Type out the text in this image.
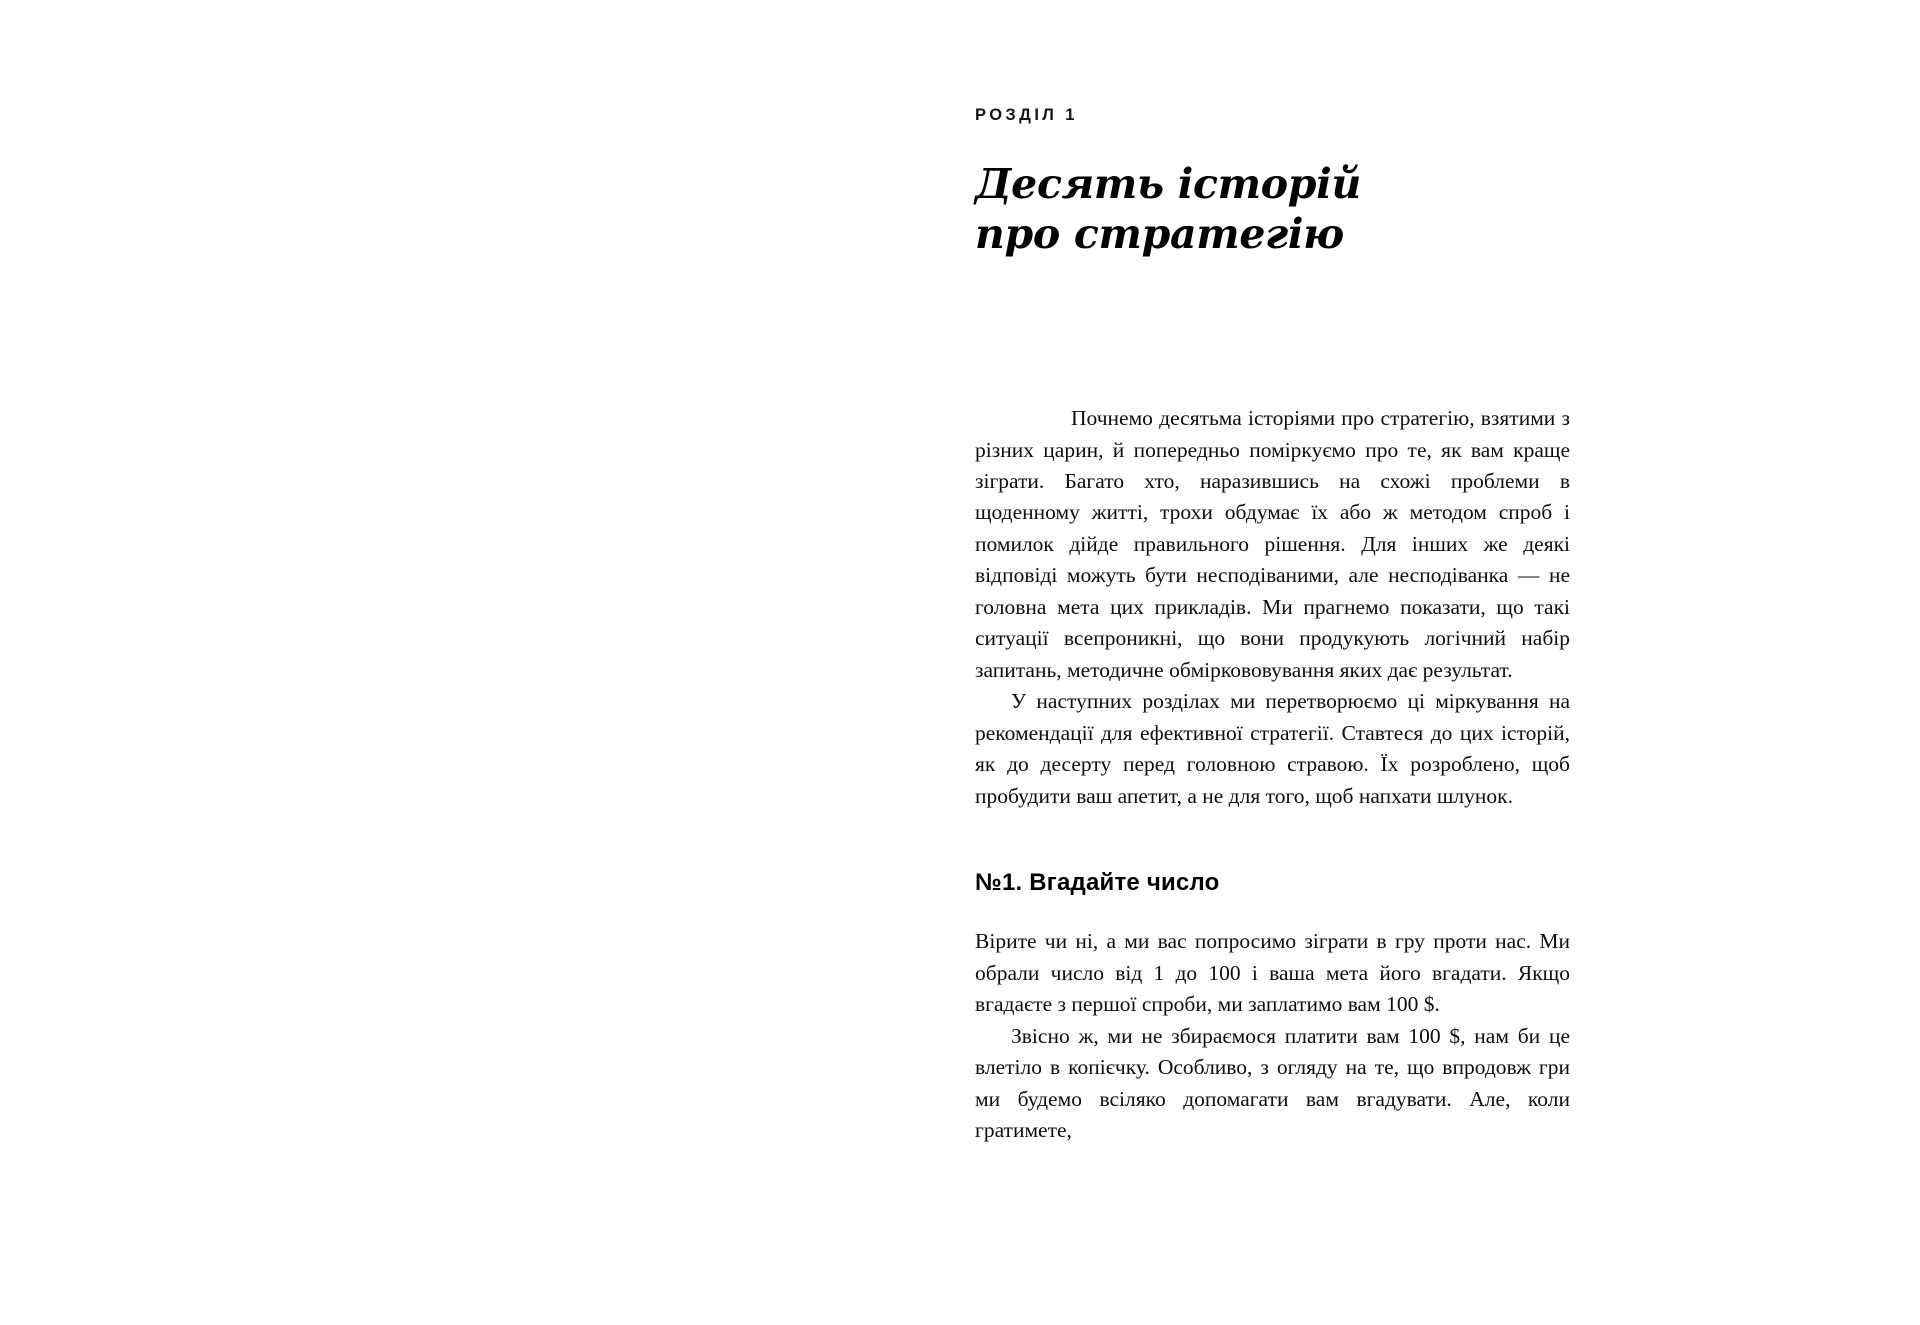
РОЗДІЛ 1
Десять історій
про стратегію

Почнемо десятьма історіями про стратегію, взятими з різних царин, й попередньо поміркуємо про те, як вам краще зіграти. Багато хто, наразившись на схожі проблеми в щоденному житті, трохи обдумає їх або ж методом спроб і помилок дійде правильного рішення. Для інших же деякі відповіді можуть бути несподіваними, але несподіванка — не головна мета цих прикладів. Ми прагнемо показати, що такі ситуації всепроникні, що вони продукують логічний набір запитань, методичне обміркововування яких дає результат.

У наступних розділах ми перетворюємо ці міркування на рекомендації для ефективної стратегії. Ставтеся до цих історій, як до десерту перед головною стравою. Їх розроблено, щоб пробудити ваш апетит, а не для того, щоб напхати шлунок.

№1. Вгадайте число

Віритe чи ні, а ми вас попросимо зіграти в гру проти нас. Ми обрали число від 1 до 100 і ваша мета його вгадати. Якщо вгадаєте з першої спроби, ми заплатимо вам 100 $.

Звісно ж, ми не збираємося платити вам 100 $, нам би це влетіло в копієчку. Особливо, з огляду на те, що впродовж гри ми будемо всіляко допомагати вам вгадувати. Але, коли гратимете,
